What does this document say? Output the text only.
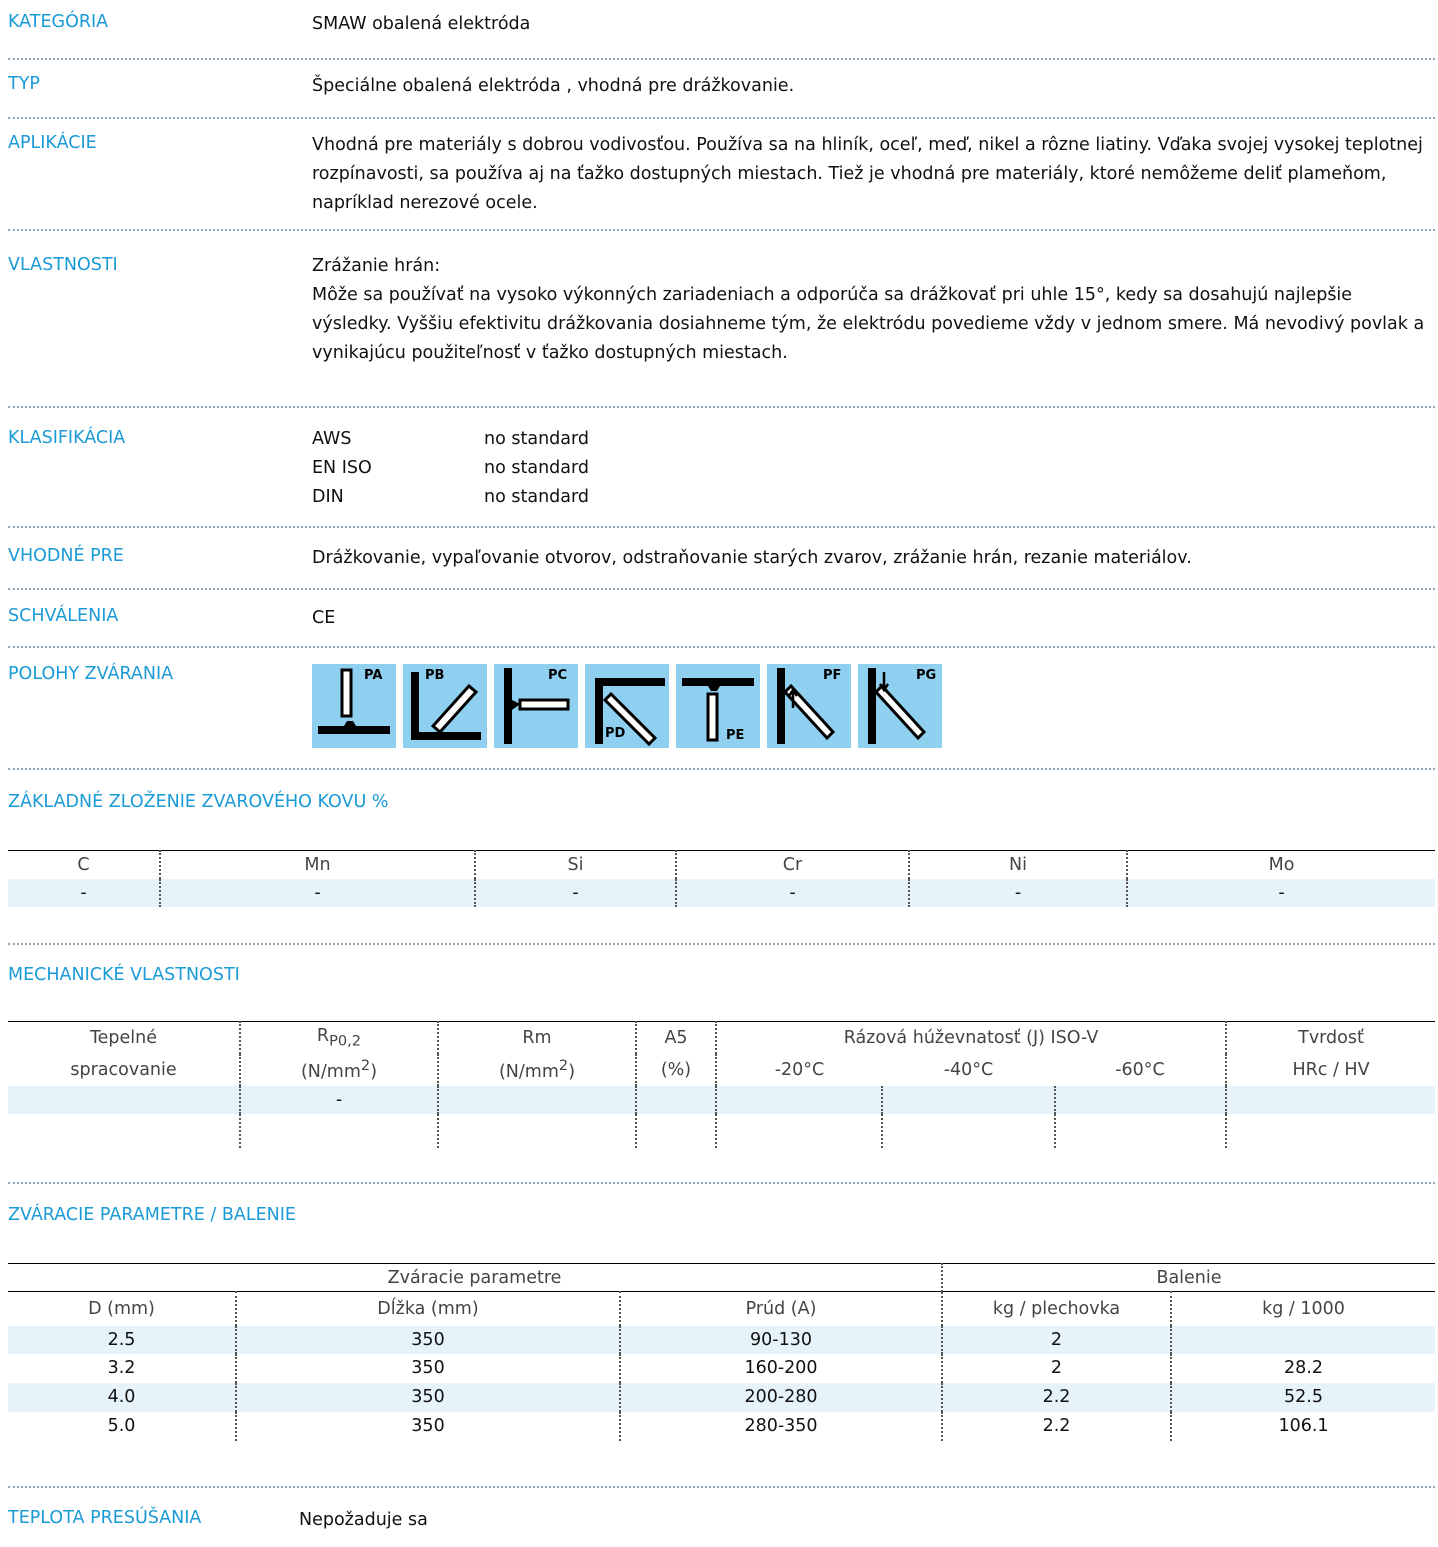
KATEGÓRIA	SMAW obalená elektróda
TYP	Špeciálne obalená elektróda , vhodná pre drážkovanie.
APLIKÁCIE	Vhodná pre materiály s dobrou vodivosťou. Používa sa na hliník, oceľ, meď, nikel a rôzne liatiny. Vďaka svojej vysokej teplotnej rozpínavosti, sa používa aj na ťažko dostupných miestach. Tiež je vhodná pre materiály, ktoré nemôžeme deliť plameňom, napríklad nerezové ocele.
VLASTNOSTI	Zrážanie hrán:
Môže sa používať na vysoko výkonných zariadeniach a odporúča sa drážkovať pri uhle 15°, kedy sa dosahujú najlepšie výsledky. Vyššiu efektivitu drážkovania dosiahneme tým, že elektródu povedieme vždy v jednom smere. Má nevodivý povlak a vynikajúcu použiteľnosť v ťažko dostupných miestach.
KLASIFIKÁCIA	AWS	no standard
EN ISO	no standard
DIN	no standard
VHODNÉ PRE	Drážkovanie, vypaľovanie otvorov, odstraňovanie starých zvarov, zrážanie hrán, rezanie materiálov.
SCHVÁLENIA	CE
POLOHY ZVÁRANIA	PA	PB	PC
PD	PE
PF	PG
ZÁKLADNÉ ZLOŽENIE ZVAROVÉHO KOVU %
C	Mn	Si	Cr	Ni	Mo
-	-	-	-	-	-
MECHANICKÉ VLASTNOSTI
Tepelné	$R_{P0,2}$	Rm	A5	Rázová húževnatosť (J) ISO-V			Tvrdosť
spracovanie	$(N/mm^2)$	$(N/mm^2)$	(%)	-20°C	-40°C	-60°C	HRc / HV
	-						

ZVÁRACIE PARAMETRE / BALENIE
Zváracie parametre			Balenie	
D (mm)	Dĺžka (mm)	Prúd (A)	kg / plechovka	kg / 1000
2.5	350	90-130	2	
3.2	350	160-200	2	28.2
4.0	350	200-280	2.2	52.5
5.0	350	280-350	2.2	106.1
TEPLOTA PRESÚŠANIA	Nepožaduje sa
